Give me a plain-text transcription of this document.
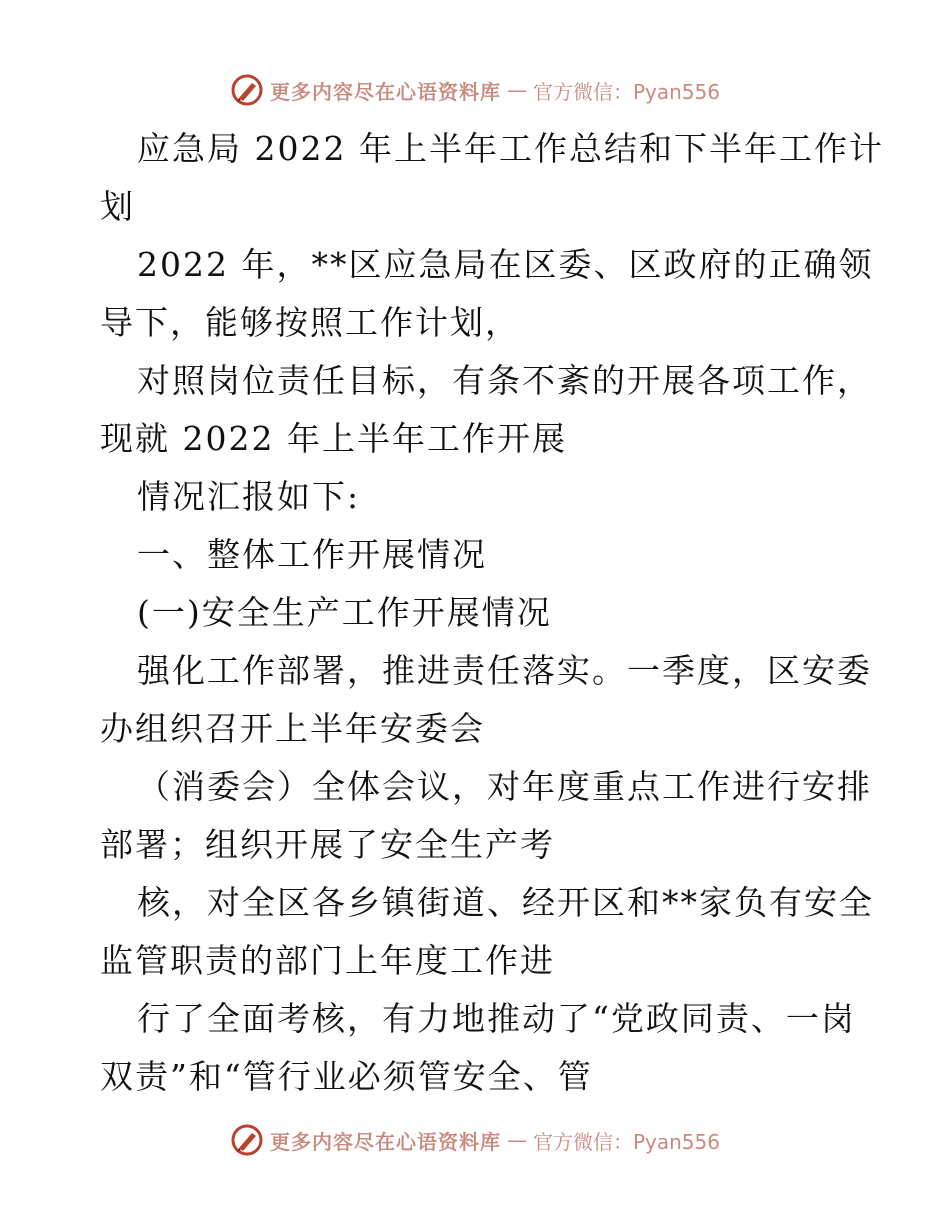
更多内容尽在心语资料库 — 官方微信：Pyan556
应急局 2022 年上半年工作总结和下半年工作计
划
2022 年，**区应急局在区委、区政府的正确领
导下，能够按照工作计划，
对照岗位责任目标，有条不紊的开展各项工作，
现就 2022 年上半年工作开展
情况汇报如下:
一、整体工作开展情况
(一)安全生产工作开展情况
强化工作部署，推进责任落实。一季度，区安委
办组织召开上半年安委会
（消委会）全体会议，对年度重点工作进行安排
部署；组织开展了安全生产考
核，对全区各乡镇街道、经开区和**家负有安全
监管职责的部门上年度工作进
行了全面考核，有力地推动了“党政同责、一岗
双责”和“管行业必须管安全、管
更多内容尽在心语资料库 — 官方微信：Pyan556
